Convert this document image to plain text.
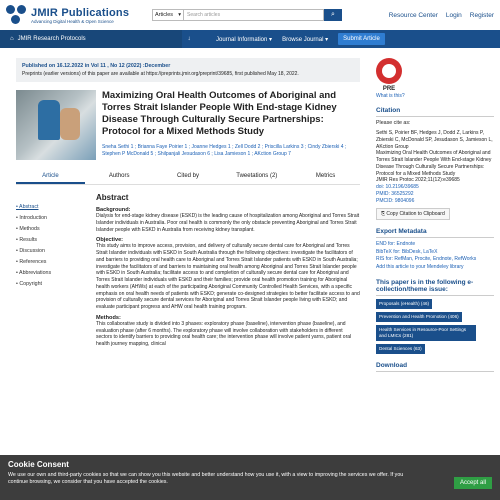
JMIR Publications
Advancing Digital Health & Open Science
Articles ▾	Search articles	⌕	Resource Center Login Register
⌂ JMIR Research Protocols	↓	Journal Information ▾ Browse Journal ▾	Submit Article
Published on 16.12.2022 in Vol 11 , No 12 (2022) :December
Preprints (earlier versions) of this paper are available at https://preprints.jmir.org/preprint/39685, first published May 18, 2022.
Maximizing Oral Health Outcomes of Aboriginal and Torres Strait Islander People With End-stage Kidney Disease Through Culturally Secure Partnerships: Protocol for a Mixed Methods Study
Sneha Sethi 1 ; Brianna Faye Poirier 1 ; Joanne Hedges 1 ; Zell Dodd 2 ; Priscilla Larkins 3 ; Cindy Zbierski 4 ; Stephen P McDonald 5 ; Shilpanjali Jesudason 6 ; Lisa Jamieson 1 ; AKction Group 7
Article	Authors	Cited by	Tweetations (2)	Metrics
• Abstract
• Introduction
• Methods
• Results
• Discussion
• References
• Abbreviations
• Copyright
Abstract
Background:

Dialysis for end-stage kidney disease (ESKD) is the leading cause of hospitalization among Aboriginal and Torres Strait Islander individuals in Australia. Poor oral health is commonly the only obstacle preventing Aboriginal and Torres Strait Islander people with ESKD in Australia from receiving kidney transplant.

Objective:

This study aims to improve access, provision, and delivery of culturally secure dental care for Aboriginal and Torres Strait Islander individuals with ESKD in South Australia through the following objectives: investigate the facilitators of and barriers to providing oral health care to Aboriginal and Torres Strait Islander patients with ESKD in South Australia; investigate the facilitators of and barriers to maintaining oral health among Aboriginal and Torres Strait Islander people with ESKD in South Australia; facilitate access to and completion of culturally secure dental care for Aboriginal and Torres Strait Islander individuals with ESKD and their families; provide oral health promotion training for Aboriginal health workers (AHWs) at each of the participating Aboriginal Community Controlled Health Services, with a specific emphasis on oral health needs of patients with ESKD; generate co-designed strategies to better facilitate access to and provision of culturally secure dental services for Aboriginal and Torres Strait Islander people living with ESKD; and evaluate participant progress and AHW oral health training program.

Methods:

This collaborative study is divided into 3 phases: exploratory phase (baseline), intervention phase (baseline), and evaluation phase (after 6 months). The exploratory phase will involve collaboration with stakeholders in different sectors to identify barriers to providing oral health care; the intervention phase will involve patient yarns, patient oral health journey mapping, clinical

PRE
What is this?
Citation
Please cite as:
Sethi S, Poirier BF, Hedges J, Dodd Z, Larkins P, Zbierski C, McDonald SP, Jesudason S, Jamieson L, AKction Group
Maximizing Oral Health Outcomes of Aboriginal and Torres Strait Islander People With End-stage Kidney Disease Through Culturally Secure Partnerships: Protocol for a Mixed Methods Study
JMIR Res Protoc 2022;11(12):e39685
doi: 10.2196/39685
PMID: 36525292
PMCID: 9804096
⎘ Copy Citation to Clipboard
Export Metadata
END for: Endnote
BibTeX for: BibDesk, LaTeX
RIS for: RefMan, Procite, Endnote, RefWorks
Add this article to your Mendeley library
This paper is in the following e-collection/theme issue:
Proposals (eHealth) (46)
Prevention and Health Promotion (406)
Health Services in Resource-Poor Settings and LMICs (281)
Dental Sciences (63)
Download
Cookie Consent
We use our own and third-party cookies so that we can show you this website and better understand how you use it, with a view to improving the services we offer. If you continue browsing, we consider that you have accepted the cookies.	Accept all
